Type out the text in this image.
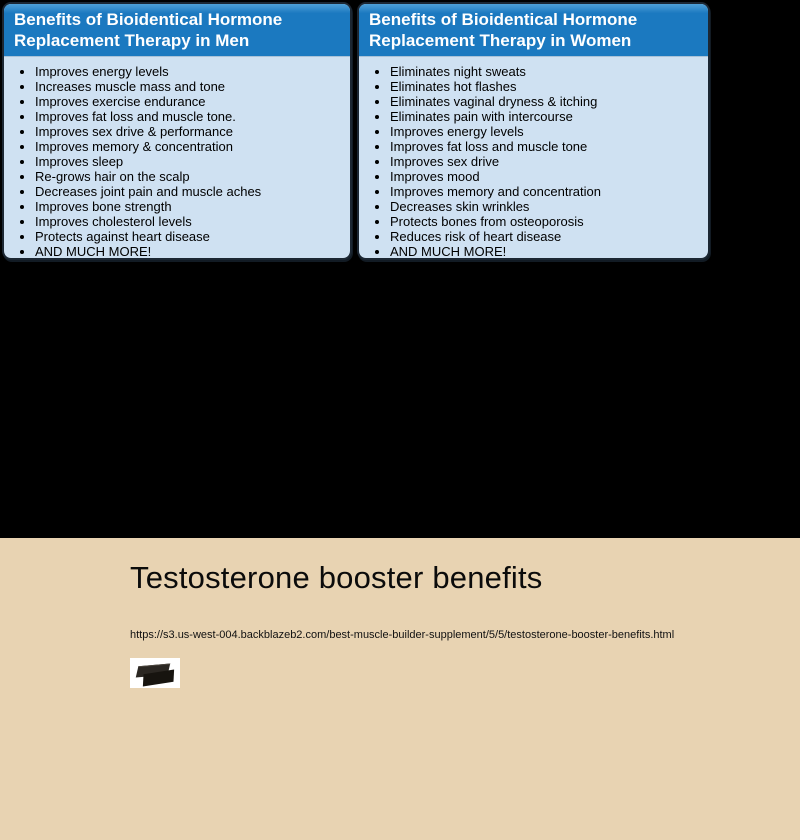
Benefits of Bioidentical Hormone
Replacement Therapy in Men
• Improves energy levels
• Increases muscle mass and tone
• Improves exercise endurance
• Improves fat loss and muscle tone.
• Improves sex drive & performance
• Improves memory & concentration
• Improves sleep
• Re-grows hair on the scalp
• Decreases joint pain and muscle aches
• Improves bone strength
• Improves cholesterol levels
• Protects against heart disease
• AND MUCH MORE!
Benefits of Bioidentical Hormone
Replacement Therapy in Women
• Eliminates night sweats
• Eliminates hot flashes
• Eliminates vaginal dryness & itching
• Eliminates pain with intercourse
• Improves energy levels
• Improves fat loss and muscle tone
• Improves sex drive
• Improves mood
• Improves memory and concentration
• Decreases skin wrinkles
• Protects bones from osteoporosis
• Reduces risk of heart disease
• AND MUCH MORE!
Testosterone booster benefits
https://s3.us-west-004.backblazeb2.com/best-muscle-builder-supplement/5/5/testosterone-booster-benefits.html
